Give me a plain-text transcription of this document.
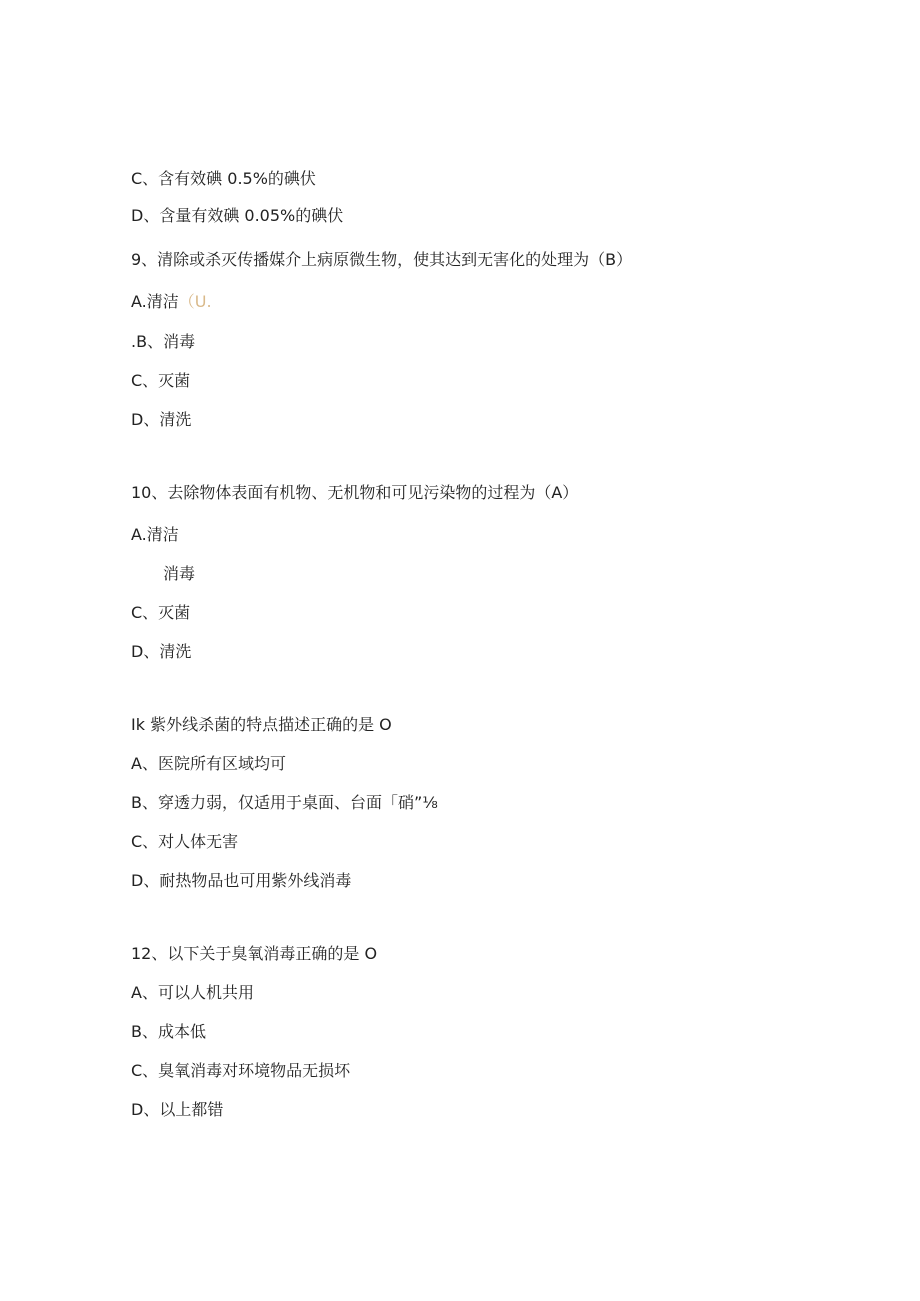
C、含有效碘 0.5%的碘伏
D、含量有效碘 0.05%的碘伏
9、清除或杀灭传播媒介上病原微生物，使其达到无害化的处理为（B）
A.清洁（U.
.B、消毒
C、灭菌
D、清洗
10、去除物体表面有机物、无机物和可见污染物的过程为（A）
A.清洁
消毒
C、灭菌
D、清洗
Ik 紫外线杀菌的特点描述正确的是 O
A、医院所有区域均可
B、穿透力弱，仅适用于桌面、台面「硝”⅛
C、对人体无害
D、耐热物品也可用紫外线消毒
12、以下关于臭氧消毒正确的是 O
A、可以人机共用
B、成本低
C、臭氧消毒对环境物品无损坏
D、以上都错
